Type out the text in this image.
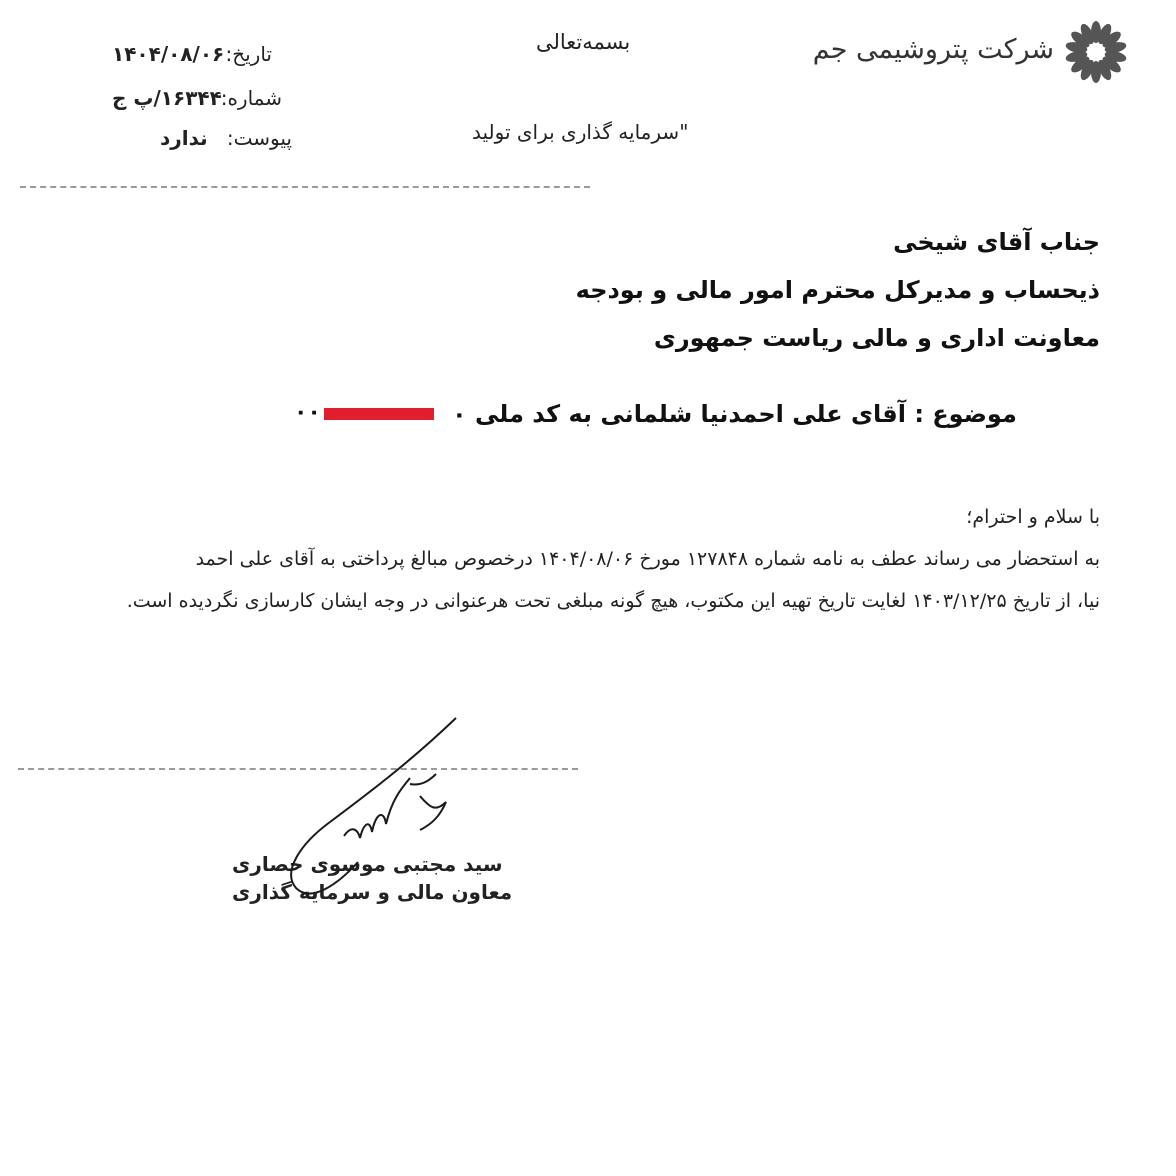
شرکت پتروشیمی جم
بسمه‌تعالی
"سرمایه گذاری برای تولید
تاریخ:
۱۴۰۴/۰۸/۰۶
شماره:
۱۶۳۴۴/پ ج
پیوست:
ندارد
جناب آقای شیخی
ذیحساب و مدیرکل محترم امور مالی و بودجه
معاونت اداری و مالی ریاست جمهوری
موضوع : آقای علی احمدنیا شلمانی به کد ملی ۰
۰۰
با سلام و احترام؛
به استحضار می رساند عطف به نامه شماره ۱۲۷۸۴۸ مورخ ۱۴۰۴/۰۸/۰۶ درخصوص مبالغ پرداختی به آقای علی احمد
نیا، از تاریخ ۱۴۰۳/۱۲/۲۵ لغایت تاریخ تهیه این مکتوب، هیچ گونه مبلغی تحت هرعنوانی در وجه ایشان کارسازی نگردیده است.
سید مجتبی موسوی حصاری
معاون مالی و سرمایه گذاری
